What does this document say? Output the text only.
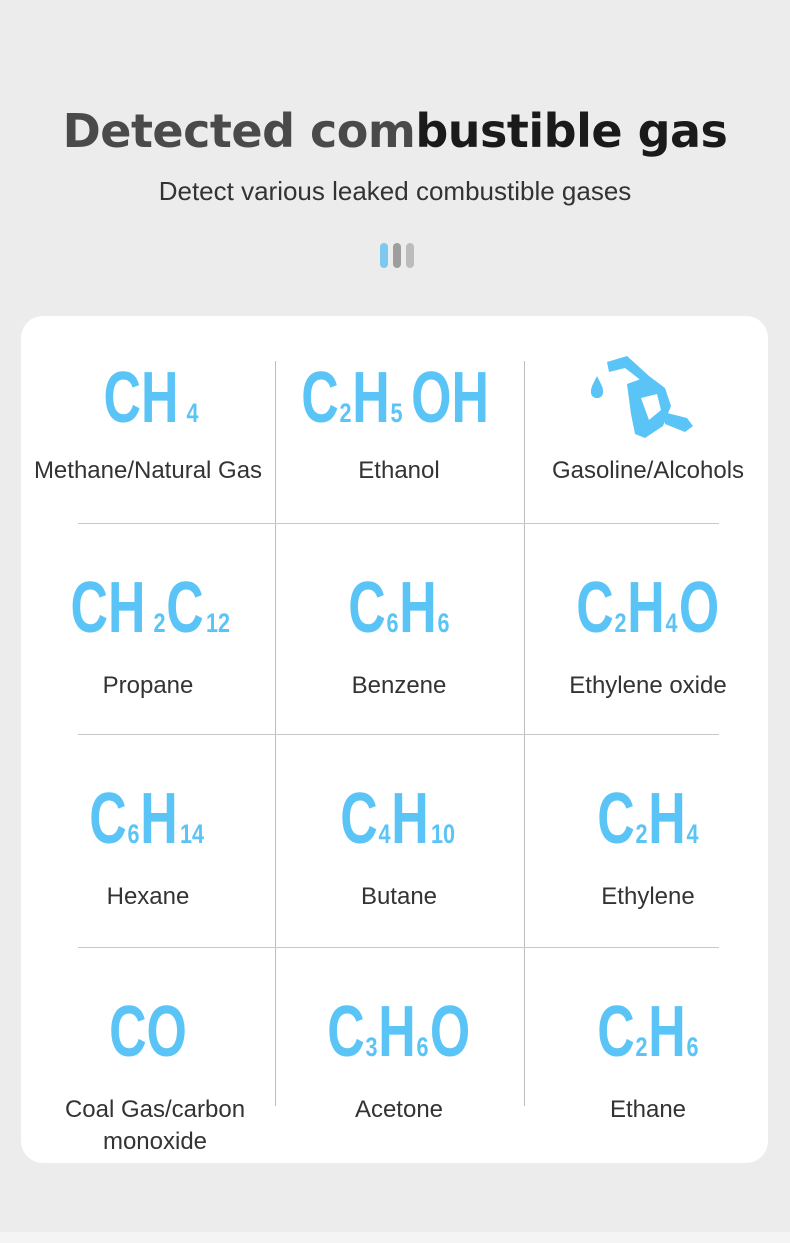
Detected combustible gas
Detect various leaked combustible gases
CH 4
Methane/Natural Gas
C2H5 OH
Ethanol	Gasoline/Alcohols
CH 2C12
Propane
C6H6
Benzene
C2H4O
Ethylene oxide
C6H14
Hexane
C4H10
Butane
C2H4
Ethylene
CO
Coal Gas/carbon monoxide
C3H6O
Acetone
C2H6
Ethane
